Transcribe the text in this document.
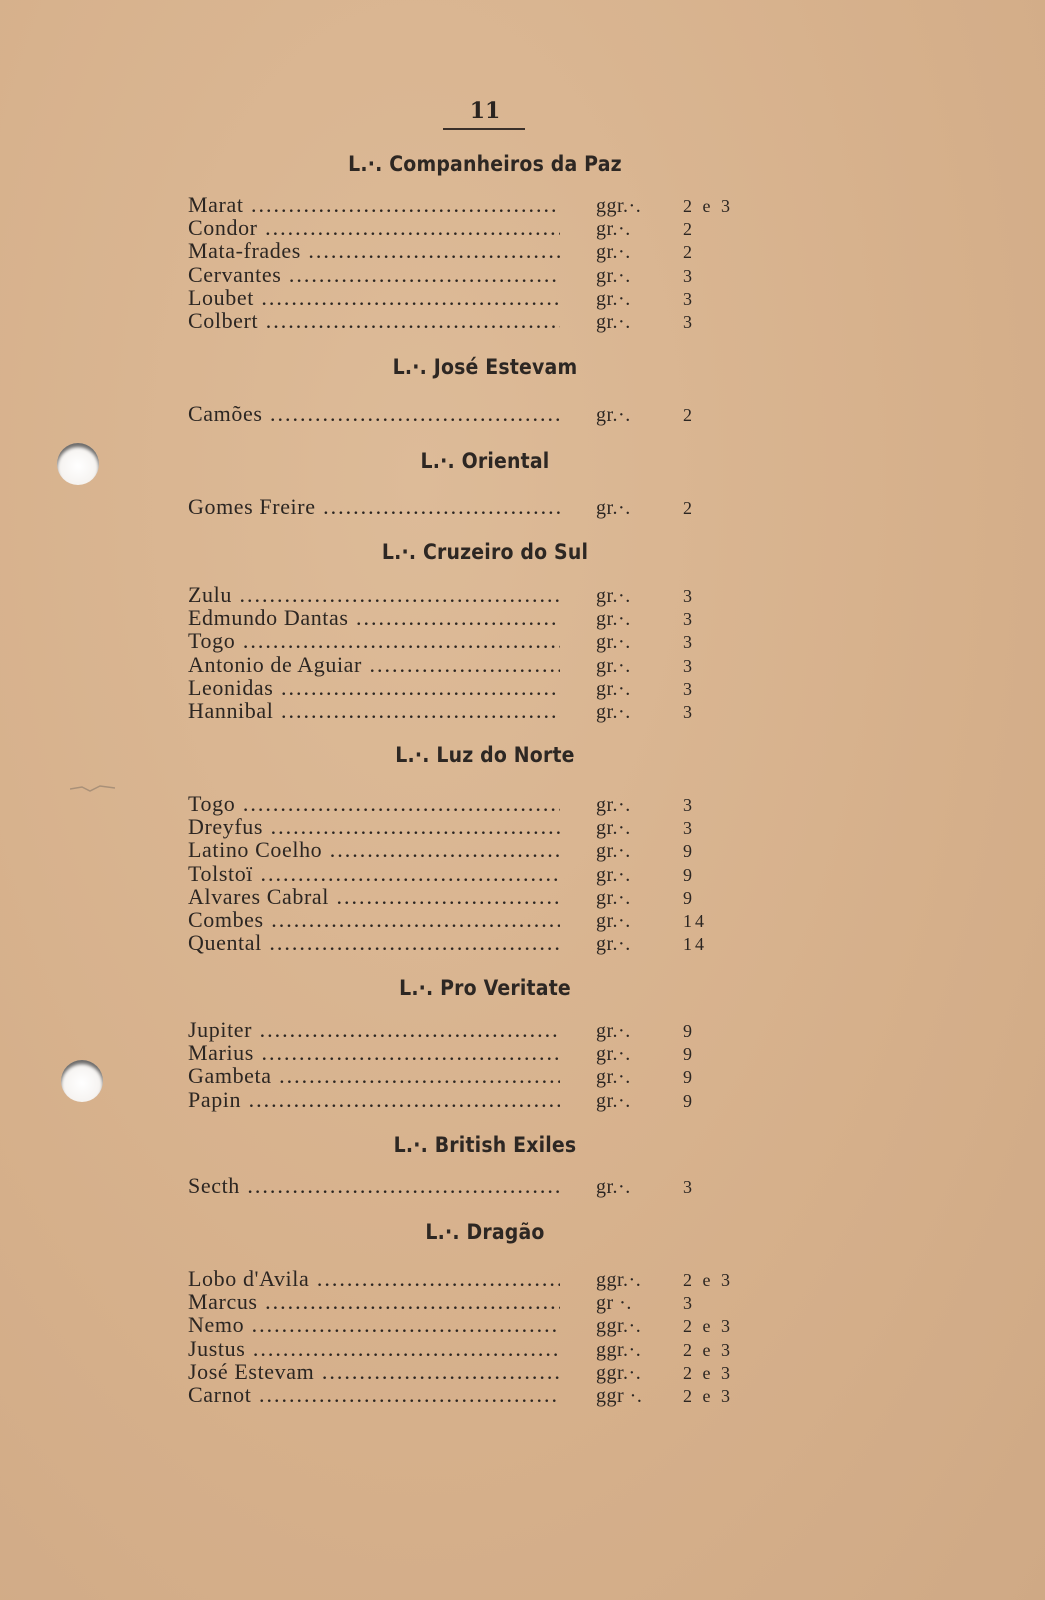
11
L.·. Companheiros da Paz
Marat .....	ggr.·. 2 e 3
Condor .....	gr.·.	2
Mata-frades .....	gr.·.	2
Cervantes .....	gr.·.	3
Loubet .....	gr.·.	3
Colbert .....	gr.·.	3
L.·. José Estevam
Camões .....	gr.·.	2
L.·. Oriental
Gomes Freire .....	gr.·.	2
L.·. Cruzeiro do Sul
Zulu .....	gr.·.	3
Edmundo Dantas .....	gr.·.	3
Togo .....	gr.·.	3
Antonio de Aguiar .....	gr.·.	3
Leonidas .....	gr.·.	3
Hannibal .....	gr.·.	3
L.·. Luz do Norte
Togo .....	gr.·.	3
Dreyfus .....	gr.·.	3
Latino Coelho .....	gr.·.	9
Tolstoï .....	gr.·.	9
Alvares Cabral .....	gr.·.	9
Combes .....	gr.·.	14
Quental .....	gr.·.	14
L.·. Pro Veritate
Jupiter .....	gr.·.	9
Marius .....	gr.·.	9
Gambeta .....	gr.·.	9
Papin .....	gr.·.	9
L.·. British Exiles
Secth .....	gr.·.	3
L.·. Dragão
Lobo d'Avila .....	ggr.·. 2 e 3
Marcus .....	gr ·.	3
Nemo .....	ggr.·. 2 e 3
Justus .....	ggr.·. 2 e 3
José Estevam .....	ggr.·. 2 e 3
Carnot .....	ggr ·. 2 e 3
